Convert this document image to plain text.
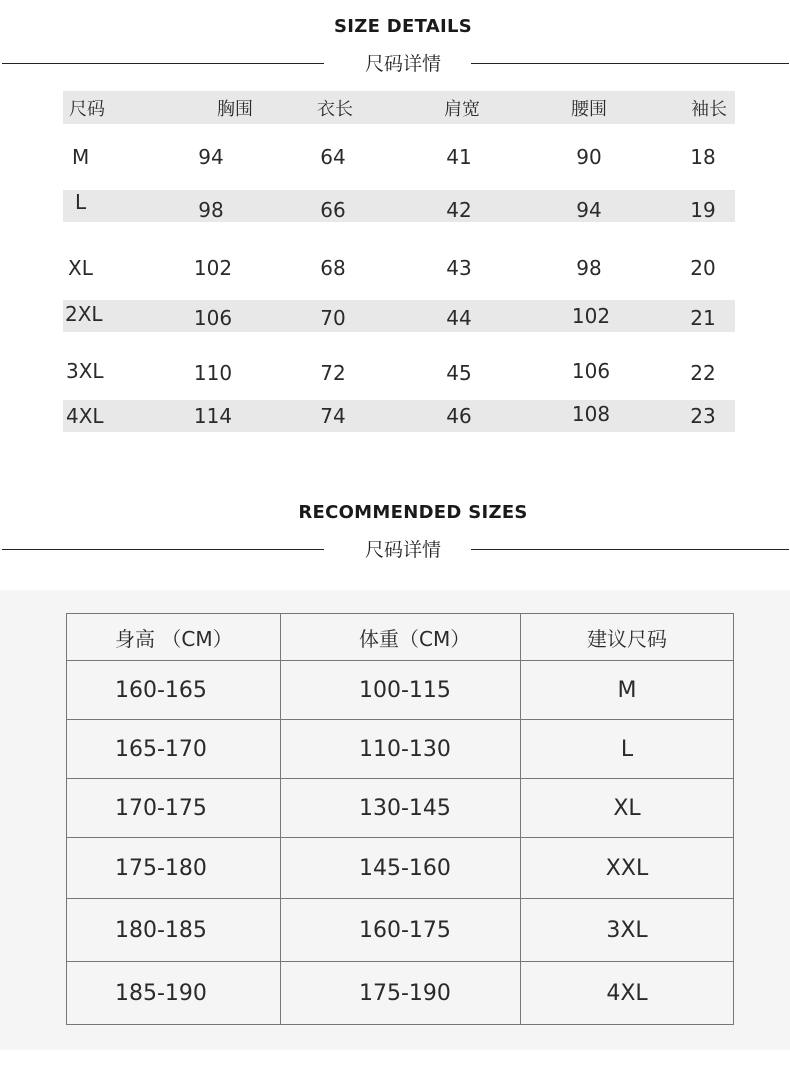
SIZE DETAILS
尺码详情
尺码	胸围	衣长	肩宽	腰围	袖长
M	94	64	41	90	18
L	98	66	42	94	19
XL	102	68	43	98	20
2XL	106	70	44	102	21
3XL	110	72	45	106	22
4XL	114	74	46	108	23
RECOMMENDED SIZES
尺码详情
身高 （CM）	体重（CM）	建议尺码
160-165	100-115	M
165-170	110-130	L
170-175	130-145	XL
175-180	145-160	XXL
180-185	160-175	3XL
185-190	175-190	4XL
